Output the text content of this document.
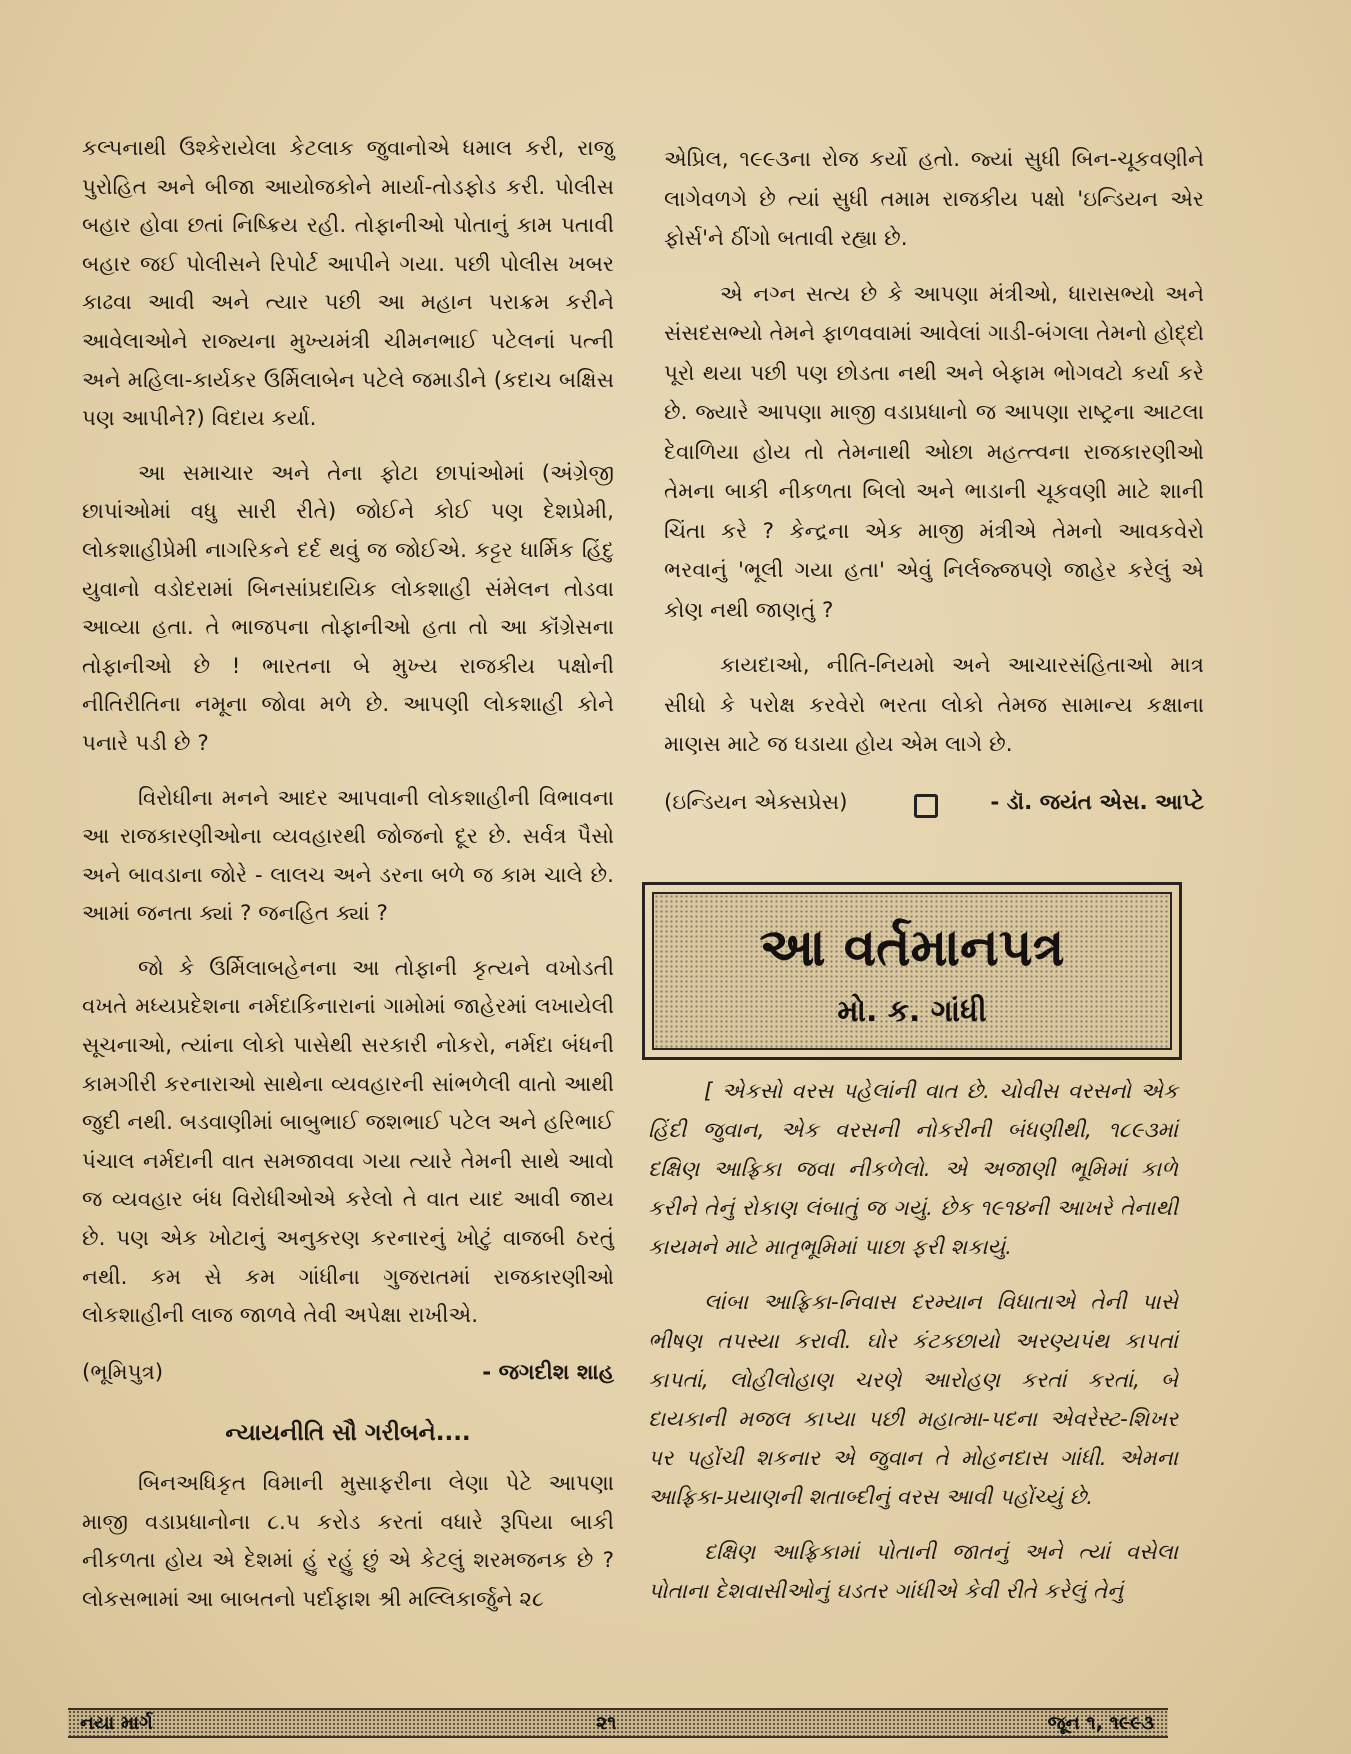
કલ્પનાથી ઉશ્કેરાયેલા કેટલાક જુવાનોએ ધમાલ કરી, રાજુ પુરોહિત અને બીજા આયોજકોને માર્યા-તોડફોડ કરી. પોલીસ બહાર હોવા છતાં નિષ્ક્રિય રહી. તોફાનીઓ પોતાનું કામ પતાવી બહાર જઈ પોલીસને રિપોર્ટ આપીને ગયા. પછી પોલીસ ખબર કાઢવા આવી અને ત્યાર પછી આ મહાન પરાક્રમ કરીને આવેલાઓને રાજ્યના મુખ્યમંત્રી ચીમનભાઈ પટેલનાં પત્ની અને મહિલા-કાર્યકર ઉર્મિલાબેન પટેલે જમાડીને (કદાચ બક્ષિસ પણ આપીને?) વિદાય કર્યા.

આ સમાચાર અને તેના ફોટા છાપાંઓમાં (અંગ્રેજી છાપાંઓમાં વધુ સારી રીતે) જોઈને કોઈ પણ દેશપ્રેમી, લોકશાહીપ્રેમી નાગરિકને દર્દ થવું જ જોઈએ. કટ્ટર ધાર્મિક હિંદુ યુવાનો વડોદરામાં બિનસાંપ્રદાયિક લોકશાહી સંમેલન તોડવા આવ્યા હતા. તે ભાજપના તોફાનીઓ હતા તો આ કૉંગ્રેસના તોફાનીઓ છે ! ભારતના બે મુખ્ય રાજકીય પક્ષોની નીતિરીતિના નમૂના જોવા મળે છે. આપણી લોકશાહી કોને પનારે પડી છે ?

વિરોધીના મનને આદર આપવાની લોકશાહીની વિભાવના આ રાજકારણીઓના વ્યવહારથી જોજનો દૂર છે. સર્વત્ર પૈસો અને બાવડાના જોરે - લાલચ અને ડરના બળે જ કામ ચાલે છે. આમાં જનતા ક્યાં ? જનહિત ક્યાં ?

જો કે ઉર્મિલાબહેનના આ તોફાની કૃત્યને વખોડતી વખતે મધ્યપ્રદેશના નર્મદાકિનારાનાં ગામોમાં જાહેરમાં લખાયેલી સૂચનાઓ, ત્યાંના લોકો પાસેથી સરકારી નોકરો, નર્મદા બંધની કામગીરી કરનારાઓ સાથેના વ્યવહારની સાંભળેલી વાતો આથી જુદી નથી. બડવાણીમાં બાબુભાઈ જશભાઈ પટેલ અને હરિભાઈ પંચાલ નર્મદાની વાત સમજાવવા ગયા ત્યારે તેમની સાથે આવો જ વ્યવહાર બંધ વિરોધીઓએ કરેલો તે વાત યાદ આવી જાય છે. પણ એક ખોટાનું અનુકરણ કરનારનું ખોટું વાજબી ઠરતું નથી. કમ સે કમ ગાંધીના ગુજરાતમાં રાજકારણીઓ લોકશાહીની લાજ જાળવે તેવી અપેક્ષા રાખીએ.

(ભૂમિપુત્ર)	- જગદીશ શાહ
ન્યાયનીતિ સૌ ગરીબને....

બિનઅધિકૃત વિમાની મુસાફરીના લેણા પેટે આપણા માજી વડાપ્રધાનોના ૮.૫ કરોડ કરતાં વધારે રૂપિયા બાકી નીકળતા હોય એ દેશમાં હું રહું છું એ કેટલું શરમજનક છે ? લોકસભામાં આ બાબતનો પર્દાફાશ શ્રી મલ્લિકાર્જુને ૨૮

એપ્રિલ, ૧૯૯૩ના રોજ કર્યો હતો. જ્યાં સુધી બિન-ચૂકવણીને લાગેવળગે છે ત્યાં સુધી તમામ રાજકીય પક્ષો 'ઇન્ડિયન એર ફોર્સ'ને ઠીંગો બતાવી રહ્યા છે.

એ નગ્ન સત્ય છે કે આપણા મંત્રીઓ, ધારાસભ્યો અને સંસદસભ્યો તેમને ફાળવવામાં આવેલાં ગાડી-બંગલા તેમનો હોદ્દો પૂરો થયા પછી પણ છોડતા નથી અને બેફામ ભોગવટો કર્યા કરે છે. જ્યારે આપણા માજી વડાપ્રધાનો જ આપણા રાષ્ટ્રના આટલા દેવાળિયા હોય તો તેમનાથી ઓછા મહત્ત્વના રાજકારણીઓ તેમના બાકી નીકળતા બિલો અને ભાડાની ચૂકવણી માટે શાની ચિંતા કરે ? કેન્દ્રના એક માજી મંત્રીએ તેમનો આવકવેરો ભરવાનું 'ભૂલી ગયા હતા' એવું નિર્લજ્જપણે જાહેર કરેલું એ કોણ નથી જાણતું ?

કાયદાઓ, નીતિ-નિયમો અને આચારસંહિતાઓ માત્ર સીધો કે પરોક્ષ કરવેરો ભરતા લોકો તેમજ સામાન્ય કક્ષાના માણસ માટે જ ઘડાયા હોય એમ લાગે છે.

(ઇન્ડિયન એક્સપ્રેસ)	- ડૉ. જયંત એસ. આપ્ટે
આ વર્તમાનપત્ર
મો. ક. ગાંધી

[ એકસો વરસ પહેલાંની વાત છે. ચોવીસ વરસનો એક હિંદી જુવાન, એક વરસની નોકરીની બંધણીથી, ૧૮૯૩માં દક્ષિણ આફ્રિકા જવા નીકળેલો. એ અજાણી ભૂમિમાં કાળે કરીને તેનું રોકાણ લંબાતું જ ગયું. છેક ૧૯૧૪ની આખરે તેનાથી કાયમને માટે માતૃભૂમિમાં પાછા ફરી શકાયું.

લાંબા આફ્રિકા-નિવાસ દરમ્યાન વિધાતાએ તેની પાસે ભીષણ તપસ્યા કરાવી. ઘોર કંટકછાયો અરણ્યપંથ કાપતાં કાપતાં, લોહીલોહાણ ચરણે આરોહણ કરતાં કરતાં, બે દાયકાની મજલ કાપ્યા પછી મહાત્મા-પદના એવરેસ્ટ-શિખર પર પહોંચી શકનાર એ જુવાન તે મોહનદાસ ગાંધી. એમના આફ્રિકા-પ્રયાણની શતાબ્દીનું વરસ આવી પહોંચ્યું છે.

દક્ષિણ આફ્રિકામાં પોતાની જાતનું અને ત્યાં વસેલા પોતાના દેશવાસીઓનું ઘડતર ગાંધીએ કેવી રીતે કરેલું તેનું

નયા માર્ગ	૨૧	જૂન ૧, ૧૯૯૩
